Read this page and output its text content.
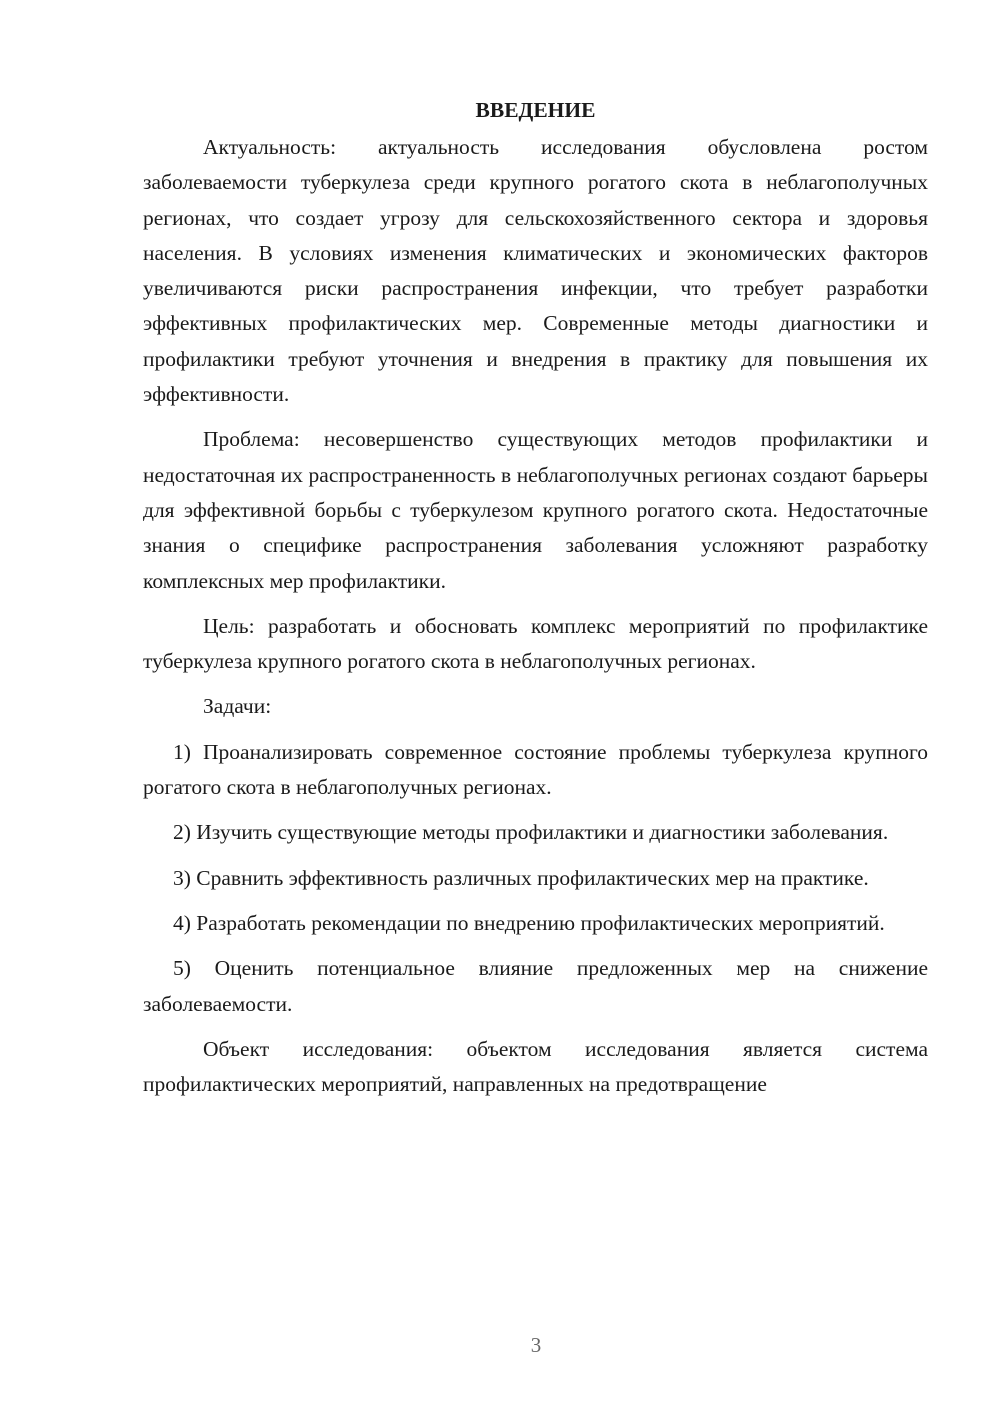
ВВЕДЕНИЕ

Актуальность: актуальность исследования обусловлена ростом заболеваемости туберкулеза среди крупного рогатого скота в неблагополучных регионах, что создает угрозу для сельскохозяйственного сектора и здоровья населения. В условиях изменения климатических и экономических факторов увеличиваются риски распространения инфекции, что требует разработки эффективных профилактических мер. Современные методы диагностики и профилактики требуют уточнения и внедрения в практику для повышения их эффективности.

Проблема: несовершенство существующих методов профилактики и недостаточная их распространенность в неблагополучных регионах создают барьеры для эффективной борьбы с туберкулезом крупного рогатого скота. Недостаточные знания о специфике распространения заболевания усложняют разработку комплексных мер профилактики.

Цель: разработать и обосновать комплекс мероприятий по профилактике туберкулеза крупного рогатого скота в неблагополучных регионах.

Задачи:

1) Проанализировать современное состояние проблемы туберкулеза крупного рогатого скота в неблагополучных регионах.

2) Изучить существующие методы профилактики и диагностики заболевания.

3) Сравнить эффективность различных профилактических мер на практике.

4) Разработать рекомендации по внедрению профилактических мероприятий.

5) Оценить потенциальное влияние предложенных мер на снижение заболеваемости.

Объект исследования: объектом исследования является система профилактических мероприятий, направленных на предотвращение

3
